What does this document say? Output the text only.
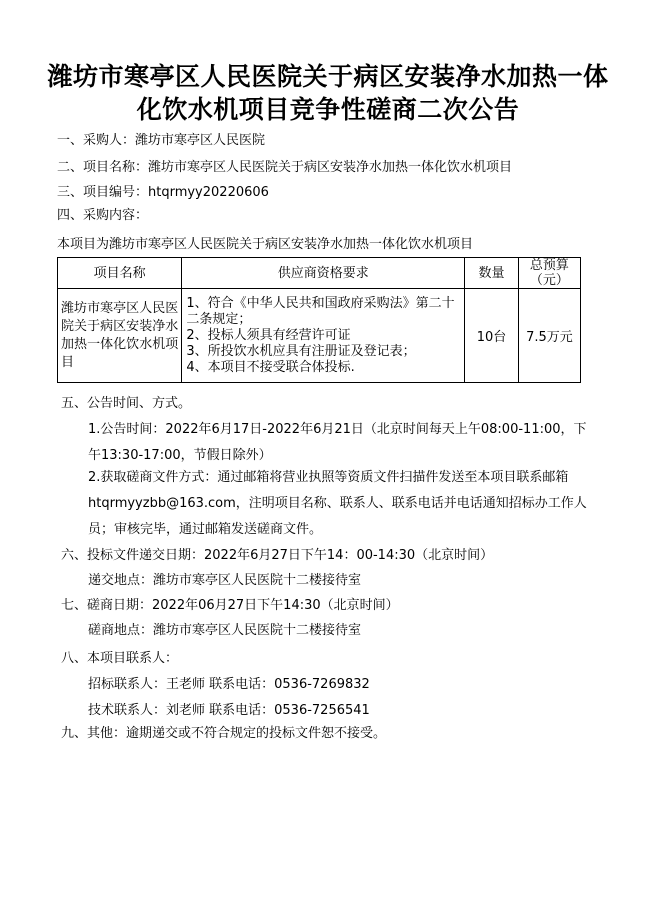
潍坊市寒亭区人民医院关于病区安装净水加热一体化饮水机项目竞争性磋商二次公告
一、采购人：潍坊市寒亭区人民医院
二、项目名称：潍坊市寒亭区人民医院关于病区安装净水加热一体化饮水机项目
三、项目编号：htqrmyy20220606
四、采购内容：
本项目为潍坊市寒亭区人民医院关于病区安装净水加热一体化饮水机项目
项目名称	供应商资格要求	数量	总预算（元）
潍坊市寒亭区人民医院关于病区安装净水加热一体化饮水机项目	1、符合《中华人民共和国政府采购法》第二十二条规定；
2、投标人须具有经营许可证
3、所投饮水机应具有注册证及登记表；
4、本项目不接受联合体投标.	10台	7.5万元
五、公告时间、方式。
1.公告时间：2022年6月17日-2022年6月21日（北京时间每天上午08:00-11:00，下午13:30-17:00，节假日除外）
2.获取磋商文件方式：通过邮箱将营业执照等资质文件扫描件发送至本项目联系邮箱htqrmyyzbb@163.com，注明项目名称、联系人、联系电话并电话通知招标办工作人员；审核完毕，通过邮箱发送磋商文件。
六、投标文件递交日期：2022年6月27日下午14：00-14:30（北京时间）
递交地点：潍坊市寒亭区人民医院十二楼接待室
七、磋商日期：2022年06月27日下午14:30（北京时间）
磋商地点：潍坊市寒亭区人民医院十二楼接待室
八、本项目联系人：
招标联系人：王老师 联系电话：0536-7269832
技术联系人：刘老师 联系电话：0536-7256541
九、其他：逾期递交或不符合规定的投标文件恕不接受。
